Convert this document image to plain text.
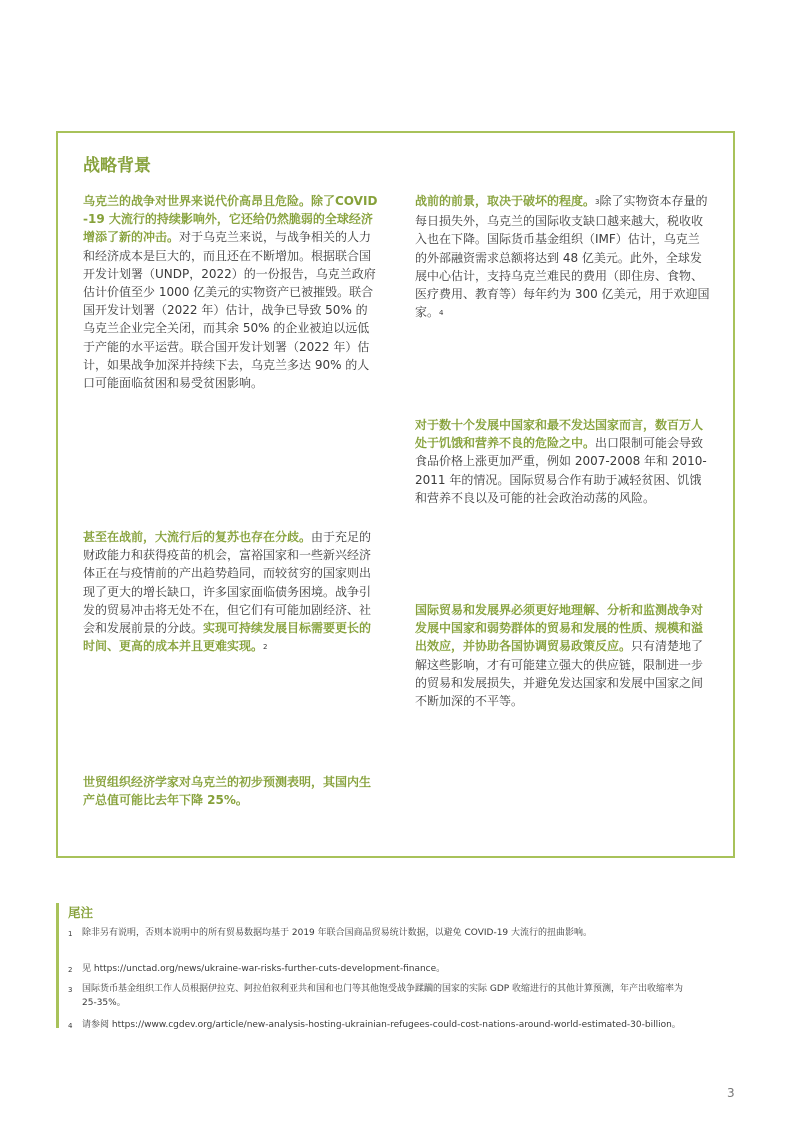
战略背景

乌克兰的战争对世界来说代价高昂且危险。除了COVID-19 大流行的持续影响外，它还给仍然脆弱的全球经济增添了新的冲击。对于乌克兰来说，与战争相关的人力和经济成本是巨大的，而且还在不断增加。根据联合国开发计划署（UNDP，2022）的一份报告，乌克兰政府估计价值至少 1000 亿美元的实物资产已被摧毁。联合国开发计划署（2022 年）估计，战争已导致 50% 的乌克兰企业完全关闭，而其余 50% 的企业被迫以远低于产能的水平运营。联合国开发计划署（2022 年）估计，如果战争加深并持续下去，乌克兰多达 90% 的人口可能面临贫困和易受贫困影响。

甚至在战前，大流行后的复苏也存在分歧。由于充足的财政能力和获得疫苗的机会，富裕国家和一些新兴经济体正在与疫情前的产出趋势趋同，而较贫穷的国家则出现了更大的增长缺口，许多国家面临债务困境。战争引发的贸易冲击将无处不在，但它们有可能加剧经济、社会和发展前景的分歧。实现可持续发展目标需要更长的时间、更高的成本并且更难实现。2

世贸组织经济学家对乌克兰的初步预测表明，其国内生产总值可能比去年下降 25%。

战前的前景，取决于破坏的程度。3除了实物资本存量的每日损失外，乌克兰的国际收支缺口越来越大，税收收入也在下降。国际货币基金组织（IMF）估计，乌克兰的外部融资需求总额将达到 48 亿美元。此外，全球发展中心估计，支持乌克兰难民的费用（即住房、食物、医疗费用、教育等）每年约为 300 亿美元，用于欢迎国家。4

对于数十个发展中国家和最不发达国家而言，数百万人处于饥饿和营养不良的危险之中。出口限制可能会导致食品价格上涨更加严重，例如 2007-2008 年和 2010-2011 年的情况。国际贸易合作有助于减轻贫困、饥饿和营养不良以及可能的社会政治动荡的风险。

国际贸易和发展界必须更好地理解、分析和监测战争对发展中国家和弱势群体的贸易和发展的性质、规模和溢出效应，并协助各国协调贸易政策反应。只有清楚地了解这些影响，才有可能建立强大的供应链，限制进一步的贸易和发展损失，并避免发达国家和发展中国家之间不断加深的不平等。

尾注
1 除非另有说明，否则本说明中的所有贸易数据均基于 2019 年联合国商品贸易统计数据，以避免 COVID-19 大流行的扭曲影响。
2 见 https://unctad.org/news/ukraine-war-risks-further-cuts-development-finance。
3 国际货币基金组织工作人员根据伊拉克、阿拉伯叙利亚共和国和也门等其他饱受战争蹂躏的国家的实际 GDP 收缩进行的其他计算预测，年产出收缩率为 25-35%。
4 请参阅 https://www.cgdev.org/article/new-analysis-hosting-ukrainian-refugees-could-cost-nations-around-world-estimated-30-billion。
3
